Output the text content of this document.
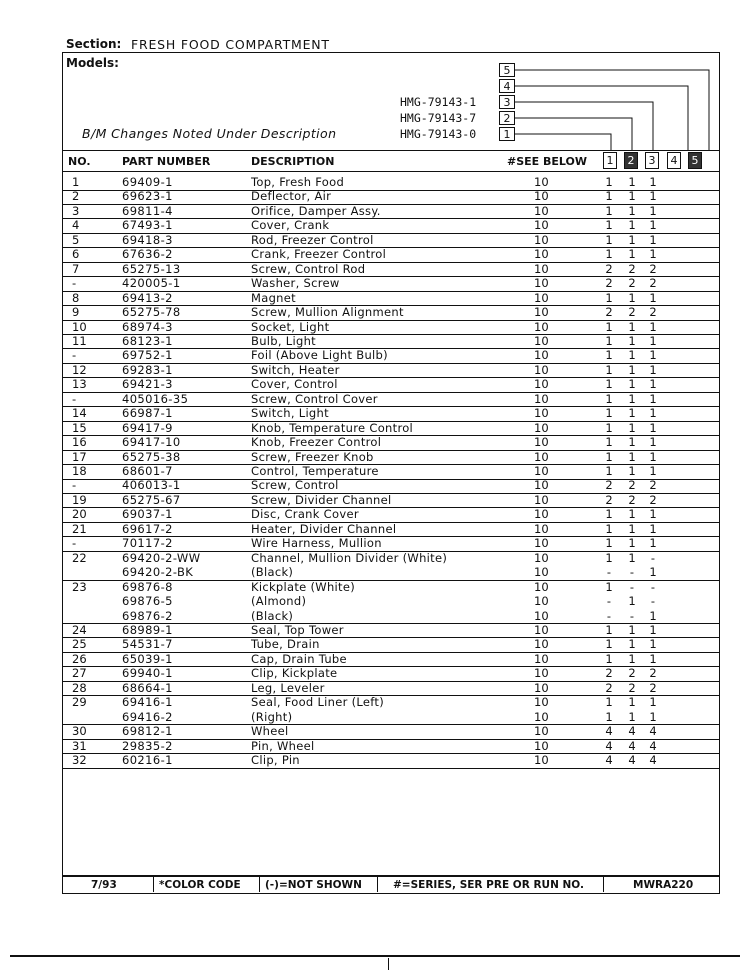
Section: FRESH FOOD COMPARTMENT
Models:
B/M Changes Noted Under Description
5
4
HMG-79143-1	3
HMG-79143-7	2
HMG-79143-0	1
NO.	PART NUMBER	DESCRIPTION	#SEE BELOW	1	2	3	4	5
1	69409-1	Top, Fresh Food	10	1 1 1
2	69623-1	Deflector, Air	10	1 1 1
3	69811-4	Orifice, Damper Assy.	10	1 1 1
4	67493-1	Cover, Crank	10	1 1 1
5	69418-3	Rod, Freezer Control	10	1 1 1
6	67636-2	Crank, Freezer Control	10	1 1 1
7	65275-13	Screw, Control Rod	10	2 2 2
-	420005-1	Washer, Screw	10	2 2 2
8	69413-2	Magnet	10	1 1 1
9	65275-78	Screw, Mullion Alignment	10	2 2 2
10	68974-3	Socket, Light	10	1 1 1
11	68123-1	Bulb, Light	10	1 1 1
-	69752-1	Foil (Above Light Bulb)	10	1 1 1
12	69283-1	Switch, Heater	10	1 1 1
13	69421-3	Cover, Control	10	1 1 1
-	405016-35	Screw, Control Cover	10	1 1 1
14	66987-1	Switch, Light	10	1 1 1
15	69417-9	Knob, Temperature Control	10	1 1 1
16	69417-10	Knob, Freezer Control	10	1 1 1
17	65275-38	Screw, Freezer Knob	10	1 1 1
18	68601-7	Control, Temperature	10	1 1 1
-	406013-1	Screw, Control	10	2 2 2
19	65275-67	Screw, Divider Channel	10	2 2 2
20	69037-1	Disc, Crank Cover	10	1 1 1
21	69617-2	Heater, Divider Channel	10	1 1 1
-	70117-2	Wire Harness, Mullion	10	1 1 1
22	69420-2-WW	Channel, Mullion Divider (White)	10	1 1	-
69420-2-BK	(Black)	10	-	-	1
23	69876-8	Kickplate (White)	10	1	-	-
69876-5	(Almond)	10	-	1	-
69876-2	(Black)	10	-	-	1
24	68989-1	Seal, Top Tower	10	1 1 1
25	54531-7	Tube, Drain	10	1 1 1
26	65039-1	Cap, Drain Tube	10	1 1 1
27	69940-1	Clip, Kickplate	10	2 2 2
28	68664-1	Leg, Leveler	10	2 2 2
29	69416-1	Seal, Food Liner (Left)	10	1 1 1
69416-2	(Right)	10	1 1 1
30	69812-1	Wheel	10	4 4 4
31	29835-2	Pin, Wheel	10	4 4 4
32	60216-1	Clip, Pin	10	4 4 4
7/93	*COLOR CODE (-)=NOT SHOWN	#=SERIES, SER PRE OR RUN NO.	MWRA220
